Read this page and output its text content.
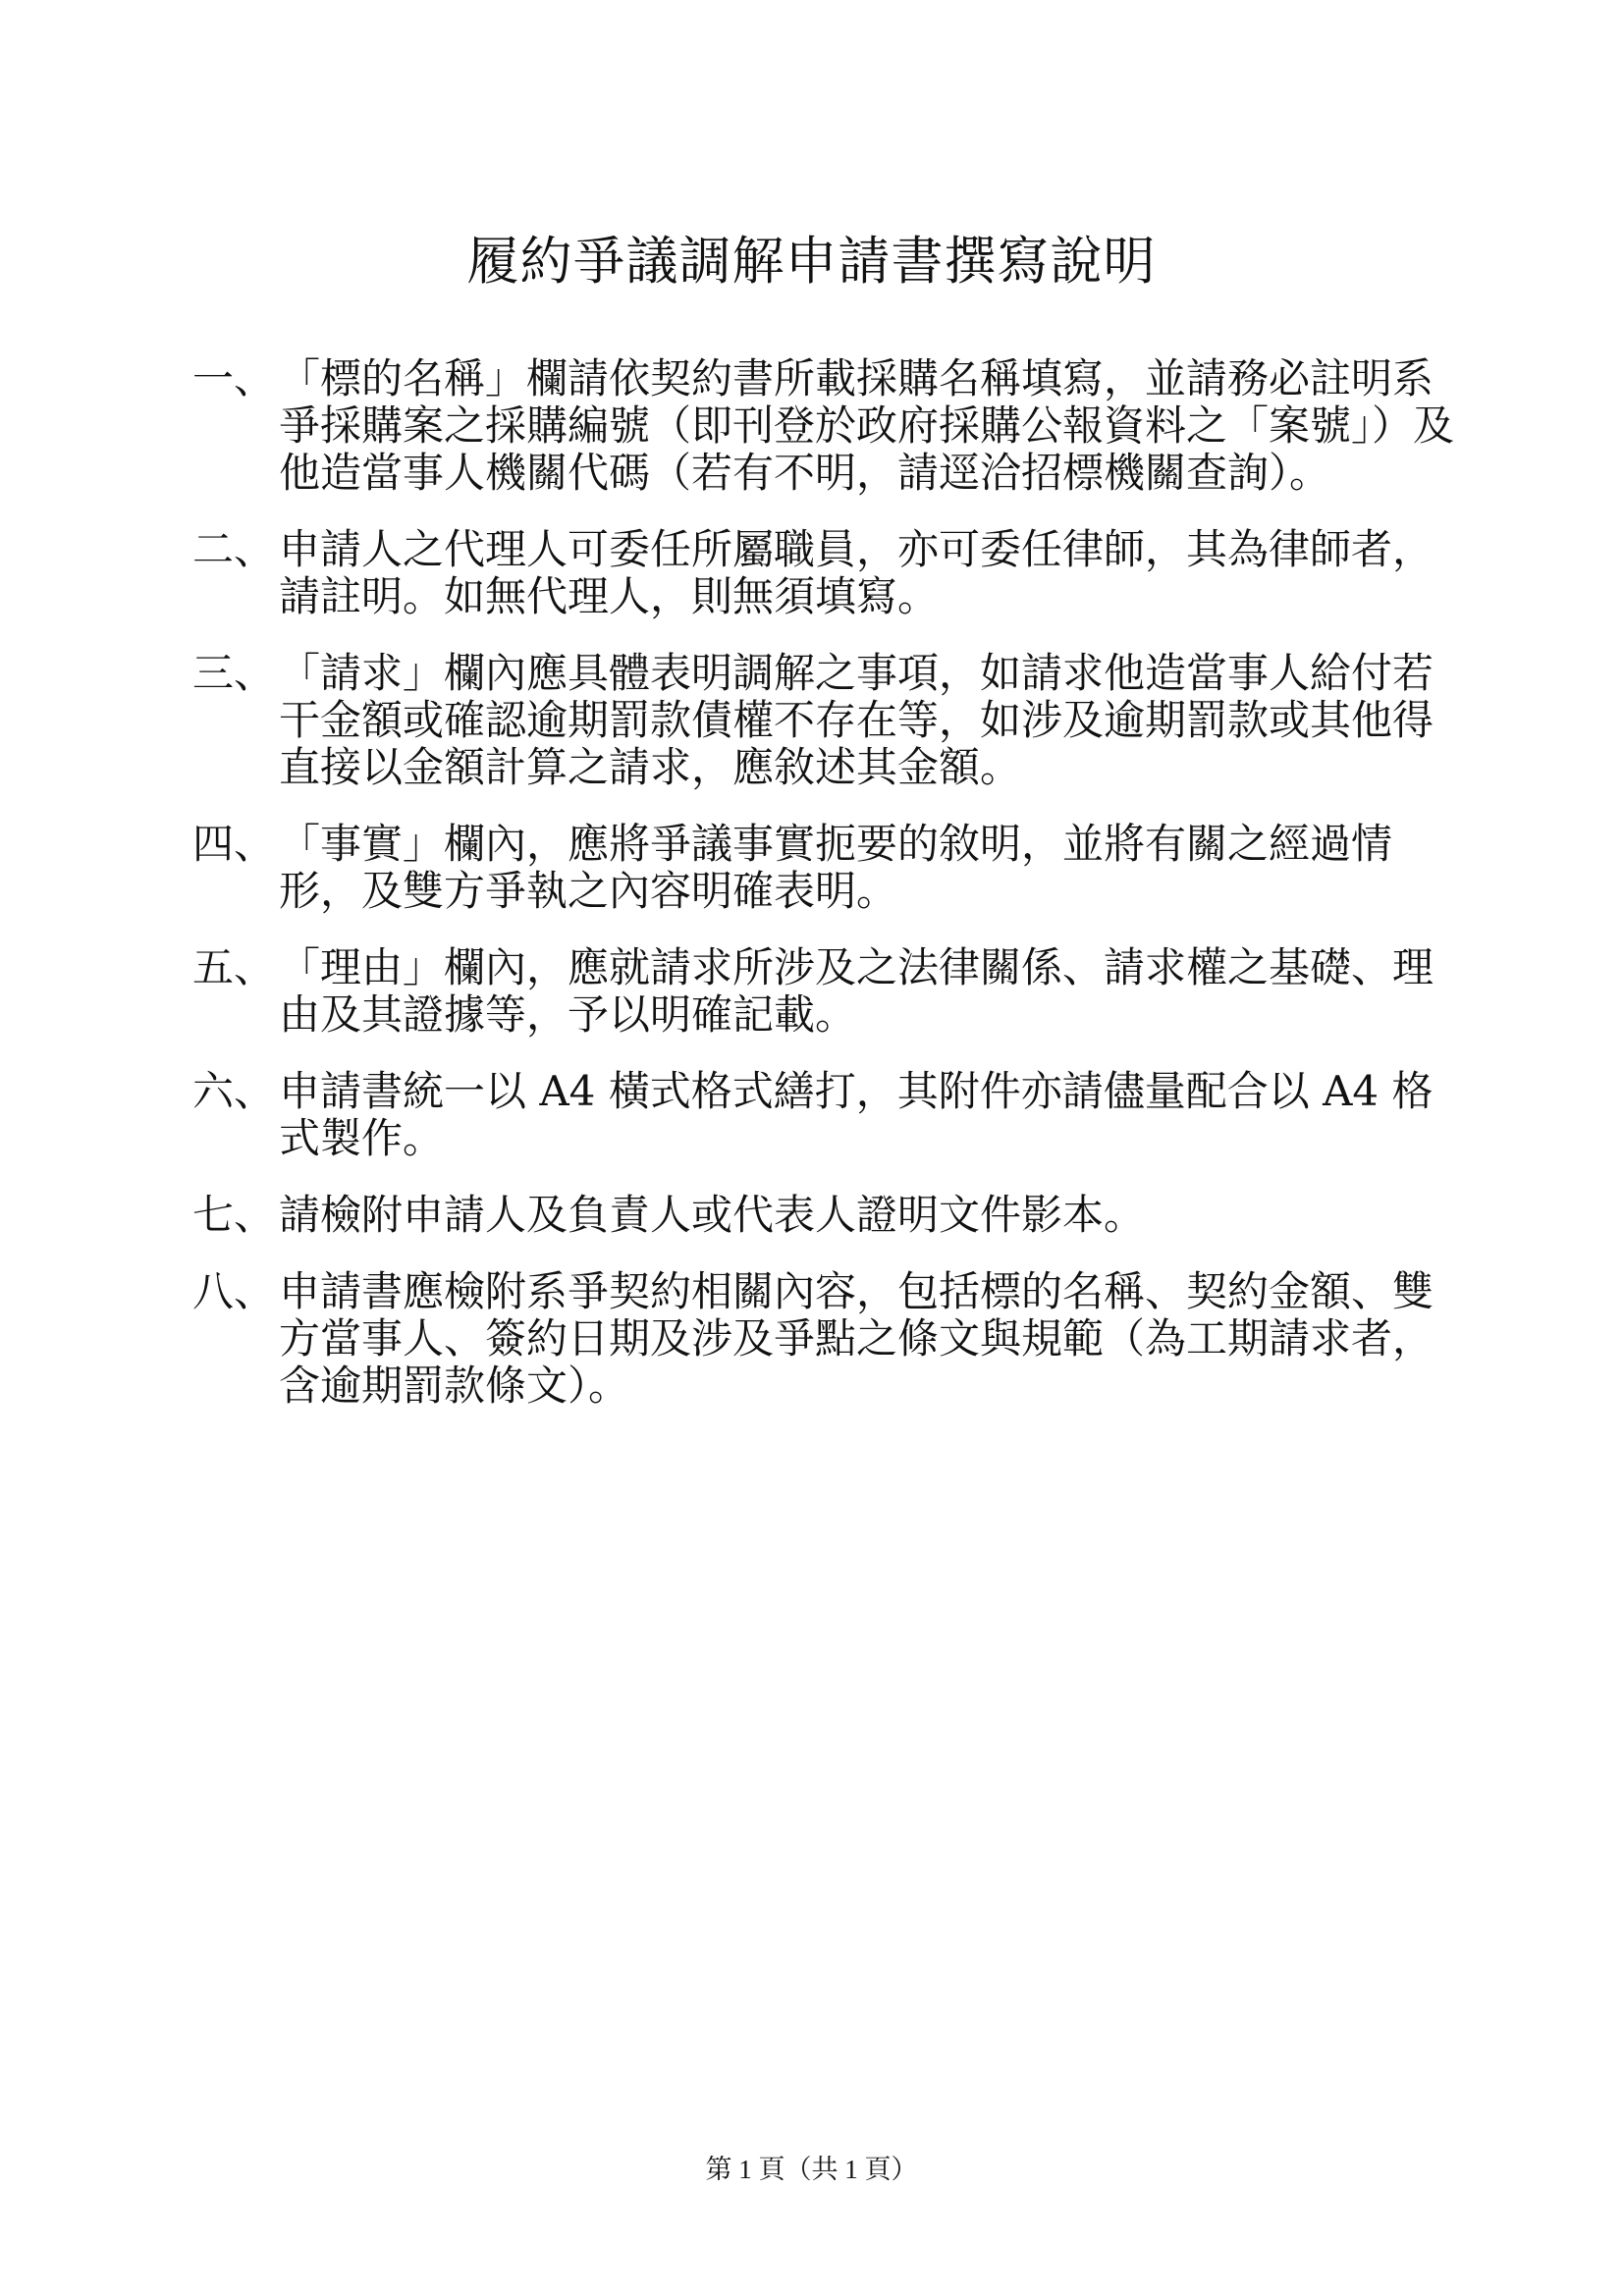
履約爭議調解申請書撰寫說明
一、 「標的名稱」欄請依契約書所載採購名稱填寫，並請務必註明系爭採購案之採購編號（即刊登於政府採購公報資料之「案號」）及他造當事人機關代碼（若有不明，請逕洽招標機關查詢）。
二、 申請人之代理人可委任所屬職員，亦可委任律師，其為律師者，請註明。如無代理人，則無須填寫。
三、 「請求」欄內應具體表明調解之事項，如請求他造當事人給付若干金額或確認逾期罰款債權不存在等，如涉及逾期罰款或其他得直接以金額計算之請求，應敘述其金額。
四、 「事實」欄內，應將爭議事實扼要的敘明，並將有關之經過情形，及雙方爭執之內容明確表明。
五、 「理由」欄內，應就請求所涉及之法律關係、請求權之基礎、理由及其證據等，予以明確記載。
六、 申請書統一以 A4 橫式格式繕打，其附件亦請儘量配合以 A4 格式製作。
七、 請檢附申請人及負責人或代表人證明文件影本。
八、 申請書應檢附系爭契約相關內容，包括標的名稱、契約金額、雙方當事人、簽約日期及涉及爭點之條文與規範（為工期請求者，含逾期罰款條文）。
第 1 頁（共 1 頁）
